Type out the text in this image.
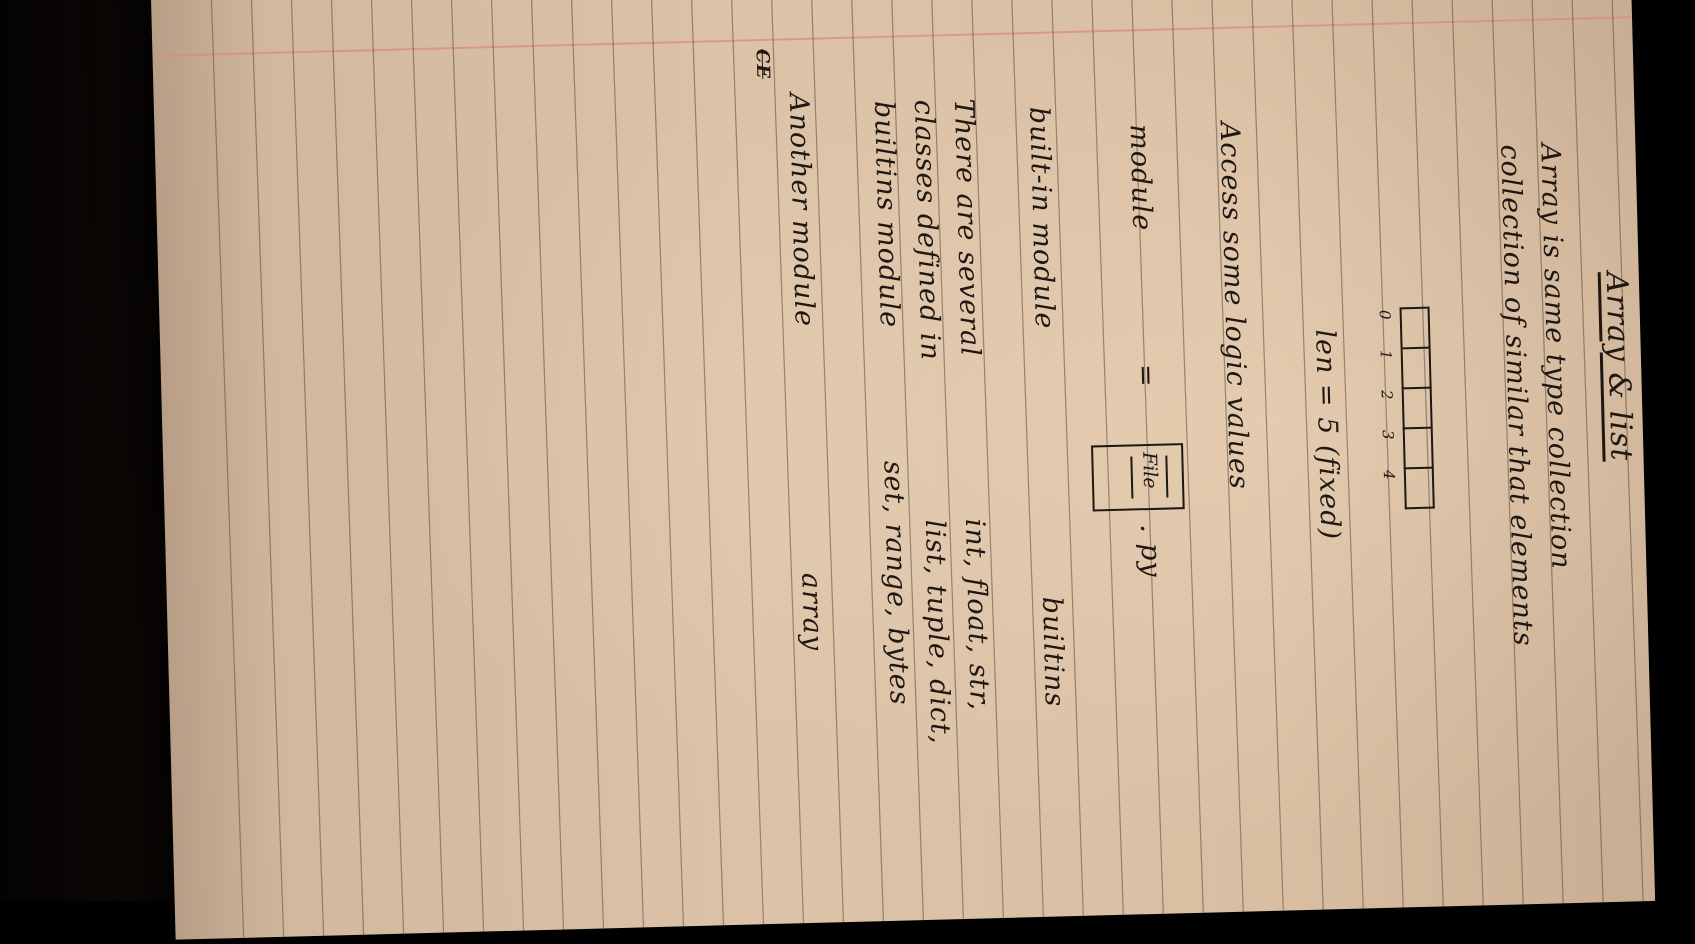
Array & list
Array is same type collection
collection of similar that elements
0
1
2
3
4
len = 5 (fixed)
Access some logic values
module
=
File
. py
built-in module
builtins
There are several
int, float, str,
classes defined in
list, tuple, dict,
builtins module
set, range, bytes
Another module
array
CE
